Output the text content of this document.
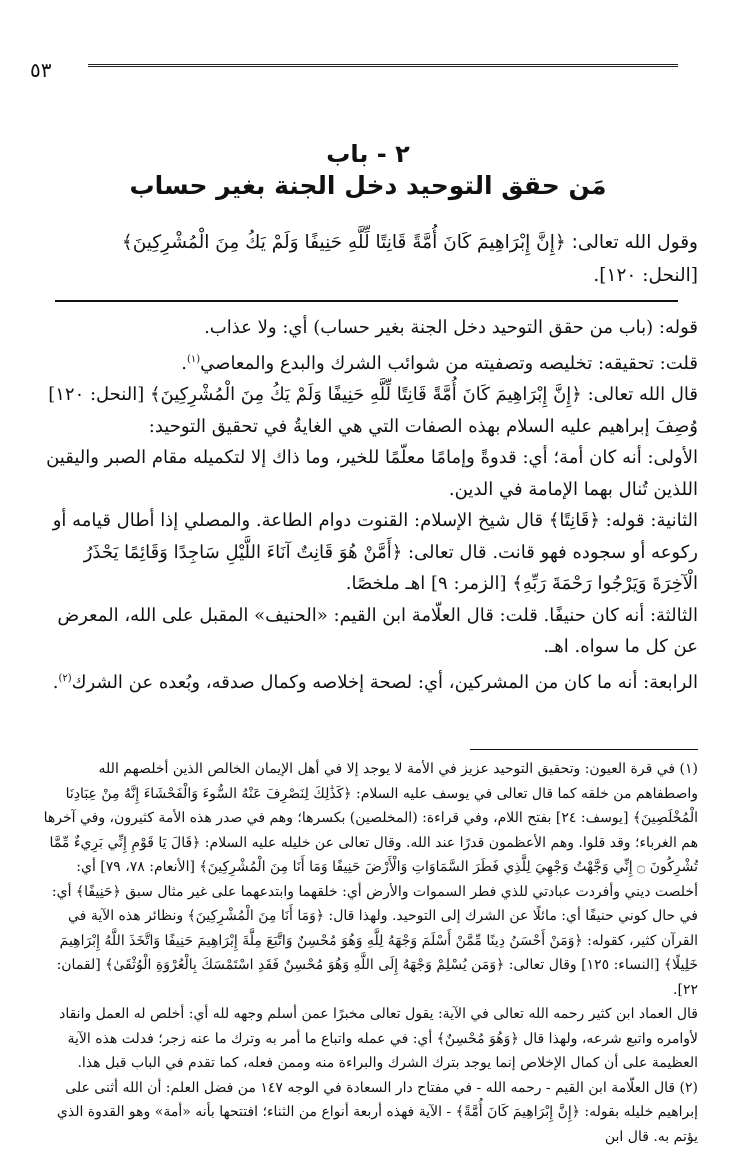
٥٣
٢ - باب
مَن حقق التوحيد دخل الجنة بغير حساب
وقول الله تعالى: ﴿إِنَّ إِبْرَاهِيمَ كَانَ أُمَّةً قَانِتًا لِّلَّهِ حَنِيفًا وَلَمْ يَكُ مِنَ الْمُشْرِكِينَ﴾
[النحل: ١٢٠].

قوله: (باب من حقق التوحيد دخل الجنة بغير حساب) أي: ولا عذاب.

قلت: تحقيقه: تخليصه وتصفيته من شوائب الشرك والبدع والمعاصي$^{(١)}$.

قال الله تعالى: ﴿إِنَّ إِبْرَاهِيمَ كَانَ أُمَّةً قَانِتًا لِّلَّهِ حَنِيفًا وَلَمْ يَكُ مِنَ الْمُشْرِكِينَ﴾ [النحل: ١٢٠] وُصِفَ إبراهيم عليه السلام بهذه الصفات التي هي الغايةُ في تحقيق التوحيد:

الأولى: أنه كان أمة؛ أي: قدوةً وإمامًا معلّمًا للخير، وما ذاك إلا لتكميله مقام الصبر واليقين اللذين تُنال بهما الإمامة في الدين.

الثانية: قوله: ﴿قَانِتًا﴾ قال شيخ الإسلام: القنوت دوام الطاعة. والمصلي إذا أطال قيامه أو ركوعه أو سجوده فهو قانت. قال تعالى: ﴿أَمَّنْ هُوَ قَانِتٌ آنَاءَ اللَّيْلِ سَاجِدًا وَقَائِمًا يَحْذَرُ الْآخِرَةَ وَيَرْجُوا رَحْمَةَ رَبِّهِ﴾ [الزمر: ٩] اهـ ملخصًا.

الثالثة: أنه كان حنيفًا. قلت: قال العلّامة ابن القيم: «الحنيف» المقبل على الله، المعرض عن كل ما سواه. اهـ.

الرابعة: أنه ما كان من المشركين، أي: لصحة إخلاصه وكمال صدقه، وبُعده عن الشرك$^{(٢)}$.

(١) في قرة العيون: وتحقيق التوحيد عزيز في الأمة لا يوجد إلا في أهل الإيمان الخالص الذين أخلصهم الله واصطفاهم من خلقه كما قال تعالى في يوسف عليه السلام: ﴿كَذَٰلِكَ لِنَصْرِفَ عَنْهُ السُّوءَ وَالْفَحْشَاءَ إِنَّهُ مِنْ عِبَادِنَا الْمُخْلَصِينَ﴾ [يوسف: ٢٤] بفتح اللام، وفي قراءة: (المخلصين) بكسرها؛ وهم في صدر هذه الأمة كثيرون، وفي آخرها هم الغرباء؛ وقد قلوا. وهم الأعظمون قدرًا عند الله. وقال تعالى عن خليله عليه السلام: ﴿قَالَ يَا قَوْمِ إِنِّي بَرِيءٌ مِّمَّا تُشْرِكُونَ ۝ إِنِّي وَجَّهْتُ وَجْهِيَ لِلَّذِي فَطَرَ السَّمَاوَاتِ وَالْأَرْضَ حَنِيفًا وَمَا أَنَا مِنَ الْمُشْرِكِينَ﴾ [الأنعام: ٧٨، ٧٩] أي: أخلصت ديني وأفردت عبادتي للذي فطر السموات والأرض أي: خلقهما وابتدعهما على غير مثال سبق ﴿حَنِيفًا﴾ أي: في حال كوني حنيفًا أي: مائلًا عن الشرك إلى التوحيد. ولهذا قال: ﴿وَمَا أَنَا مِنَ الْمُشْرِكِينَ﴾ ونظائر هذه الآية في القرآن كثير، كقوله: ﴿وَمَنْ أَحْسَنُ دِينًا مِّمَّنْ أَسْلَمَ وَجْهَهُ لِلَّهِ وَهُوَ مُحْسِنٌ وَاتَّبَعَ مِلَّةَ إِبْرَاهِيمَ حَنِيفًا وَاتَّخَذَ اللَّهُ إِبْرَاهِيمَ خَلِيلًا﴾ [النساء: ١٢٥] وقال تعالى: ﴿وَمَن يُسْلِمْ وَجْهَهُ إِلَى اللَّهِ وَهُوَ مُحْسِنٌ فَقَدِ اسْتَمْسَكَ بِالْعُرْوَةِ الْوُثْقَىٰ﴾ [لقمان: ٢٢].

قال العماد ابن كثير رحمه الله تعالى في الآية: يقول تعالى مخبرًا عمن أسلم وجهه لله أي: أخلص له العمل وانقاد لأوامره واتبع شرعه، ولهذا قال ﴿وَهُوَ مُحْسِنٌ﴾ أي: في عمله واتباع ما أمر به وترك ما عنه زجر؛ فدلت هذه الآية العظيمة على أن كمال الإخلاص إنما يوجد بترك الشرك والبراءة منه وممن فعله، كما تقدم في الباب قبل هذا.

(٢) قال العلّامة ابن القيم - رحمه الله - في مفتاح دار السعادة في الوجه ١٤٧ من فضل العلم: أن الله أثنى على إبراهيم خليله بقوله: ﴿إِنَّ إِبْرَاهِيمَ كَانَ أُمَّةً﴾ - الآية فهذه أربعة أنواع من الثناء؛ افتتحها بأنه «أمة» وهو القدوة الذي يؤتم به. قال ابن
